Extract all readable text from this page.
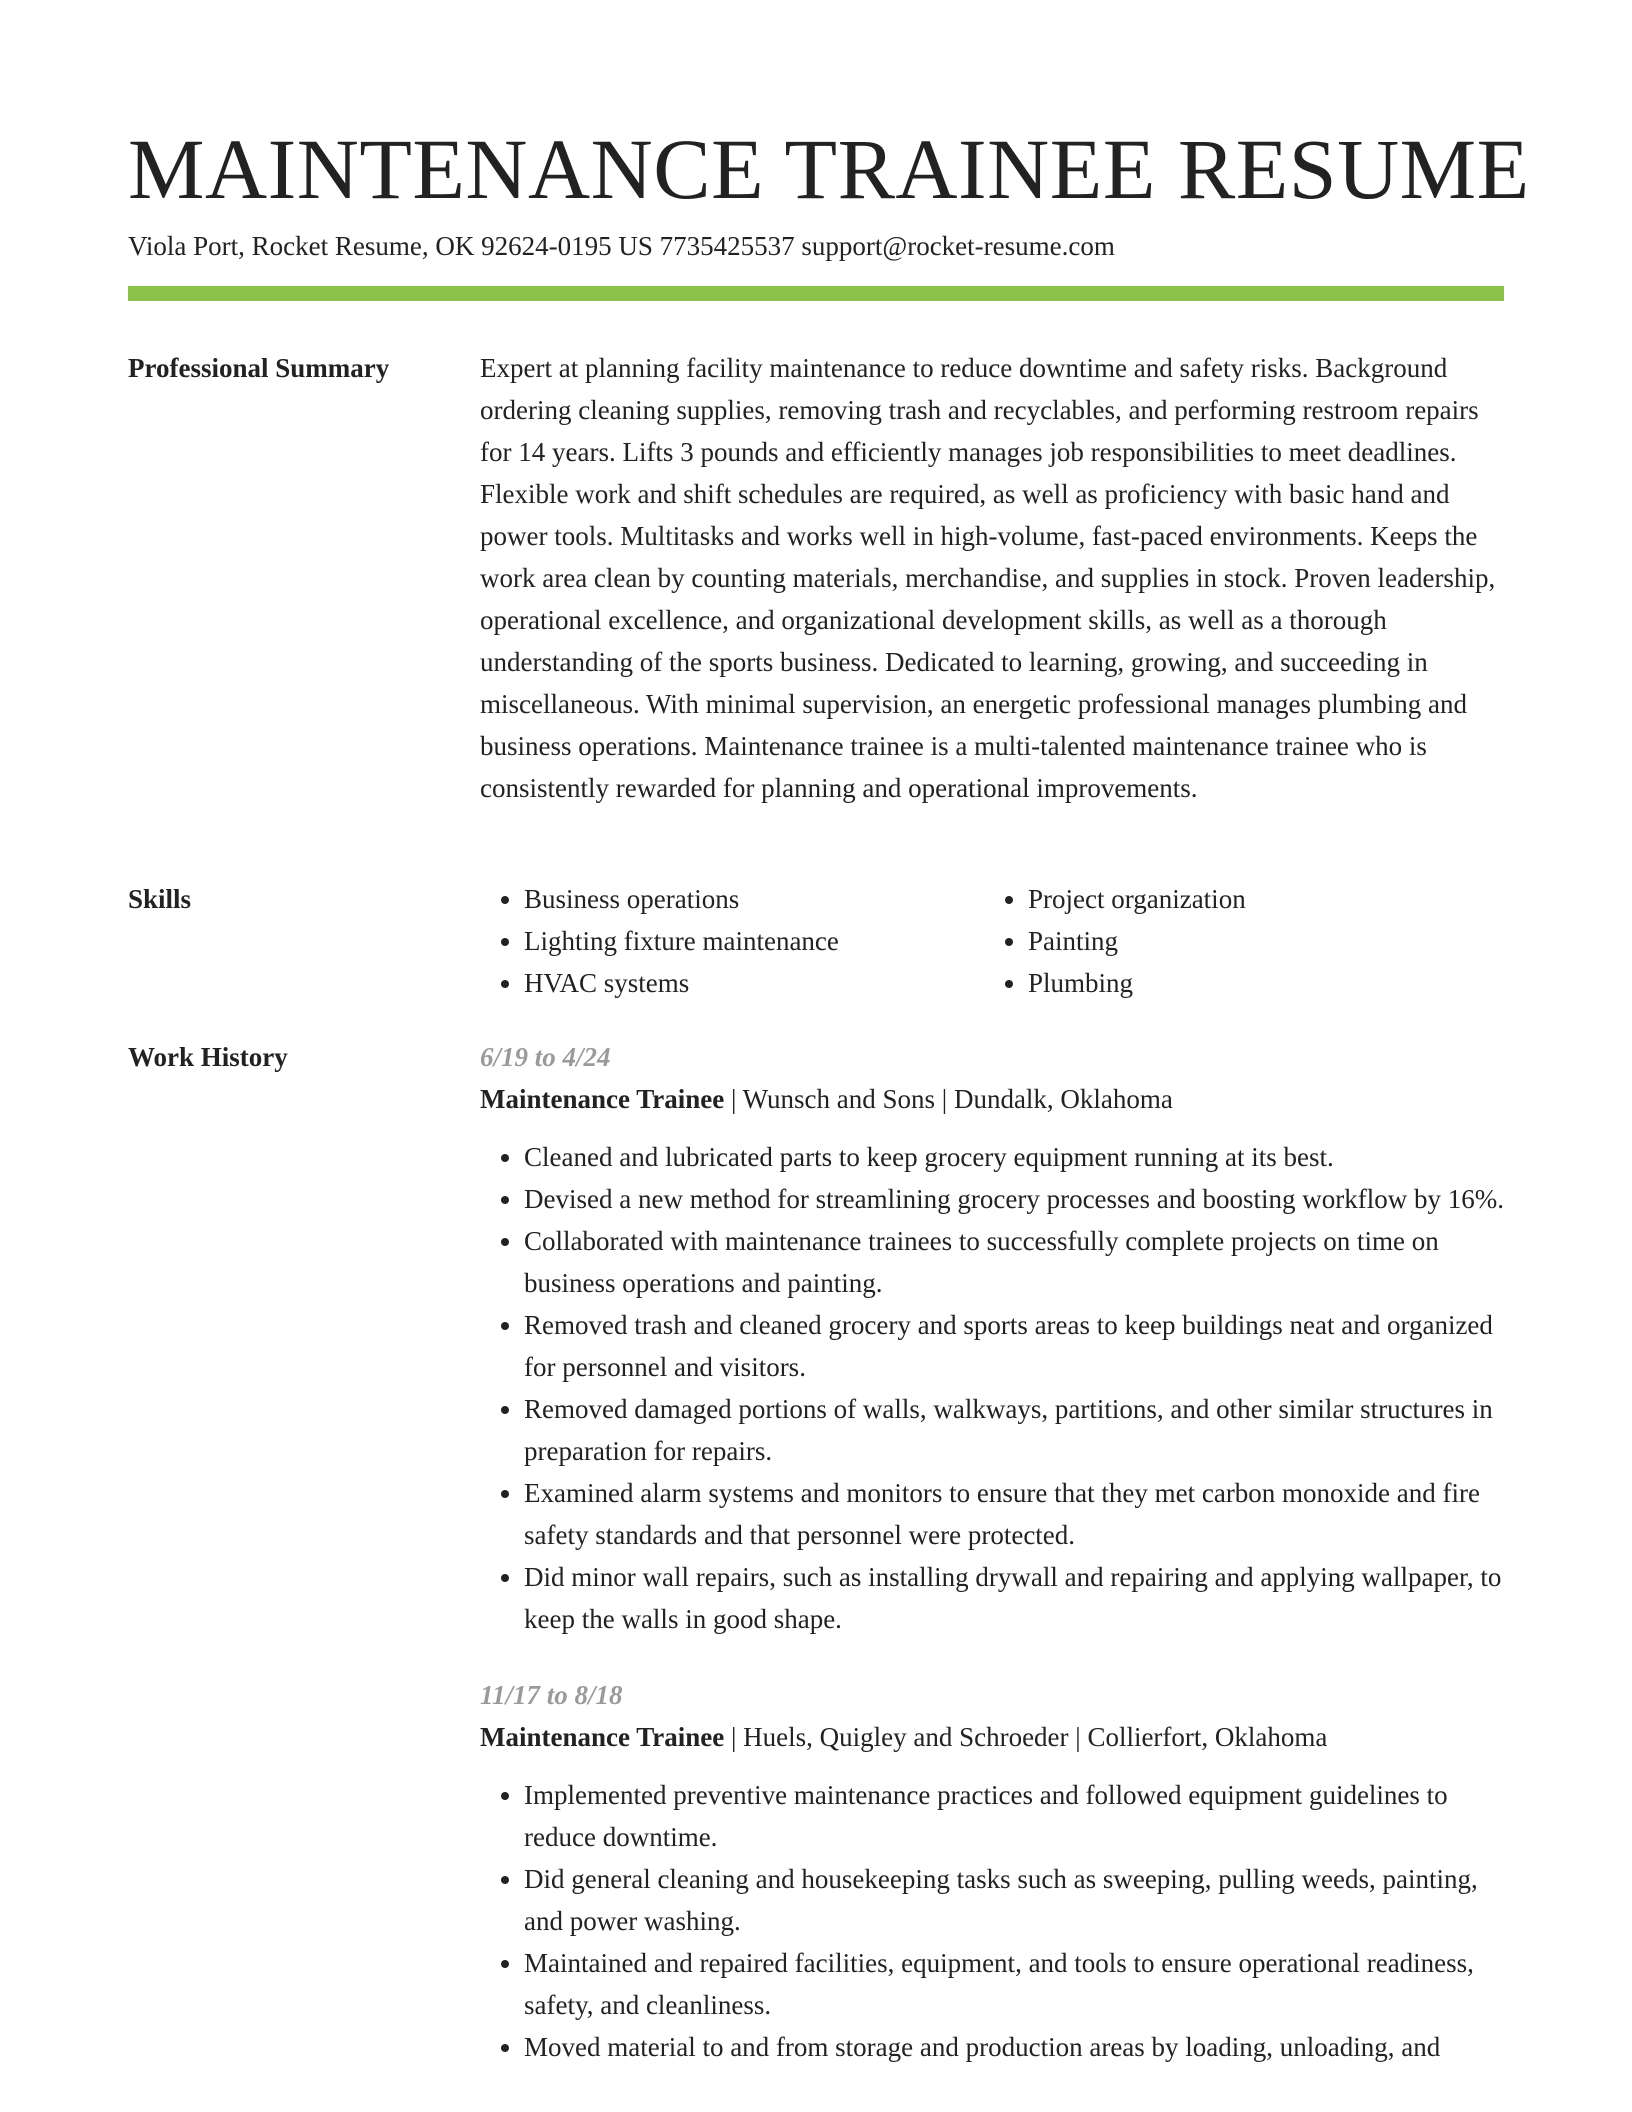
MAINTENANCE TRAINEE RESUME
Viola Port, Rocket Resume, OK 92624-0195 US 7735425537 support@rocket-resume.com
Professional Summary	Expert at planning facility maintenance to reduce downtime and safety risks. Background ordering cleaning supplies, removing trash and recyclables, and performing restroom repairs for 14 years. Lifts 3 pounds and efficiently manages job responsibilities to meet deadlines. Flexible work and shift schedules are required, as well as proficiency with basic hand and power tools. Multitasks and works well in high-volume, fast-paced environments. Keeps the work area clean by counting materials, merchandise, and supplies in stock. Proven leadership, operational excellence, and organizational development skills, as well as a thorough understanding of the sports business. Dedicated to learning, growing, and succeeding in miscellaneous. With minimal supervision, an energetic professional manages plumbing and business operations. Maintenance trainee is a multi-talented maintenance trainee who is consistently rewarded for planning and operational improvements.

Skills
•	Business operations
• Lighting fixture maintenance
• HVAC systems
• Project organization
• Painting
• Plumbing
Work History	6/19 to 4/24
Maintenance Trainee | Wunsch and Sons | Dundalk, Oklahoma
• Cleaned and lubricated parts to keep grocery equipment running at its best.
• Devised a new method for streamlining grocery processes and boosting workflow by 16%.
• Collaborated with maintenance trainees to successfully complete projects on time on business operations and painting.
• Removed trash and cleaned grocery and sports areas to keep buildings neat and organized for personnel and visitors.
• Removed damaged portions of walls, walkways, partitions, and other similar structures in preparation for repairs.
• Examined alarm systems and monitors to ensure that they met carbon monoxide and fire safety standards and that personnel were protected.
• Did minor wall repairs, such as installing drywall and repairing and applying wallpaper, to keep the walls in good shape.
11/17 to 8/18
Maintenance Trainee | Huels, Quigley and Schroeder | Collierfort, Oklahoma
• Implemented preventive maintenance practices and followed equipment guidelines to reduce downtime.
• Did general cleaning and housekeeping tasks such as sweeping, pulling weeds, painting, and power washing.
• Maintained and repaired facilities, equipment, and tools to ensure operational readiness, safety, and cleanliness.
• Moved material to and from storage and production areas by loading, unloading, and
